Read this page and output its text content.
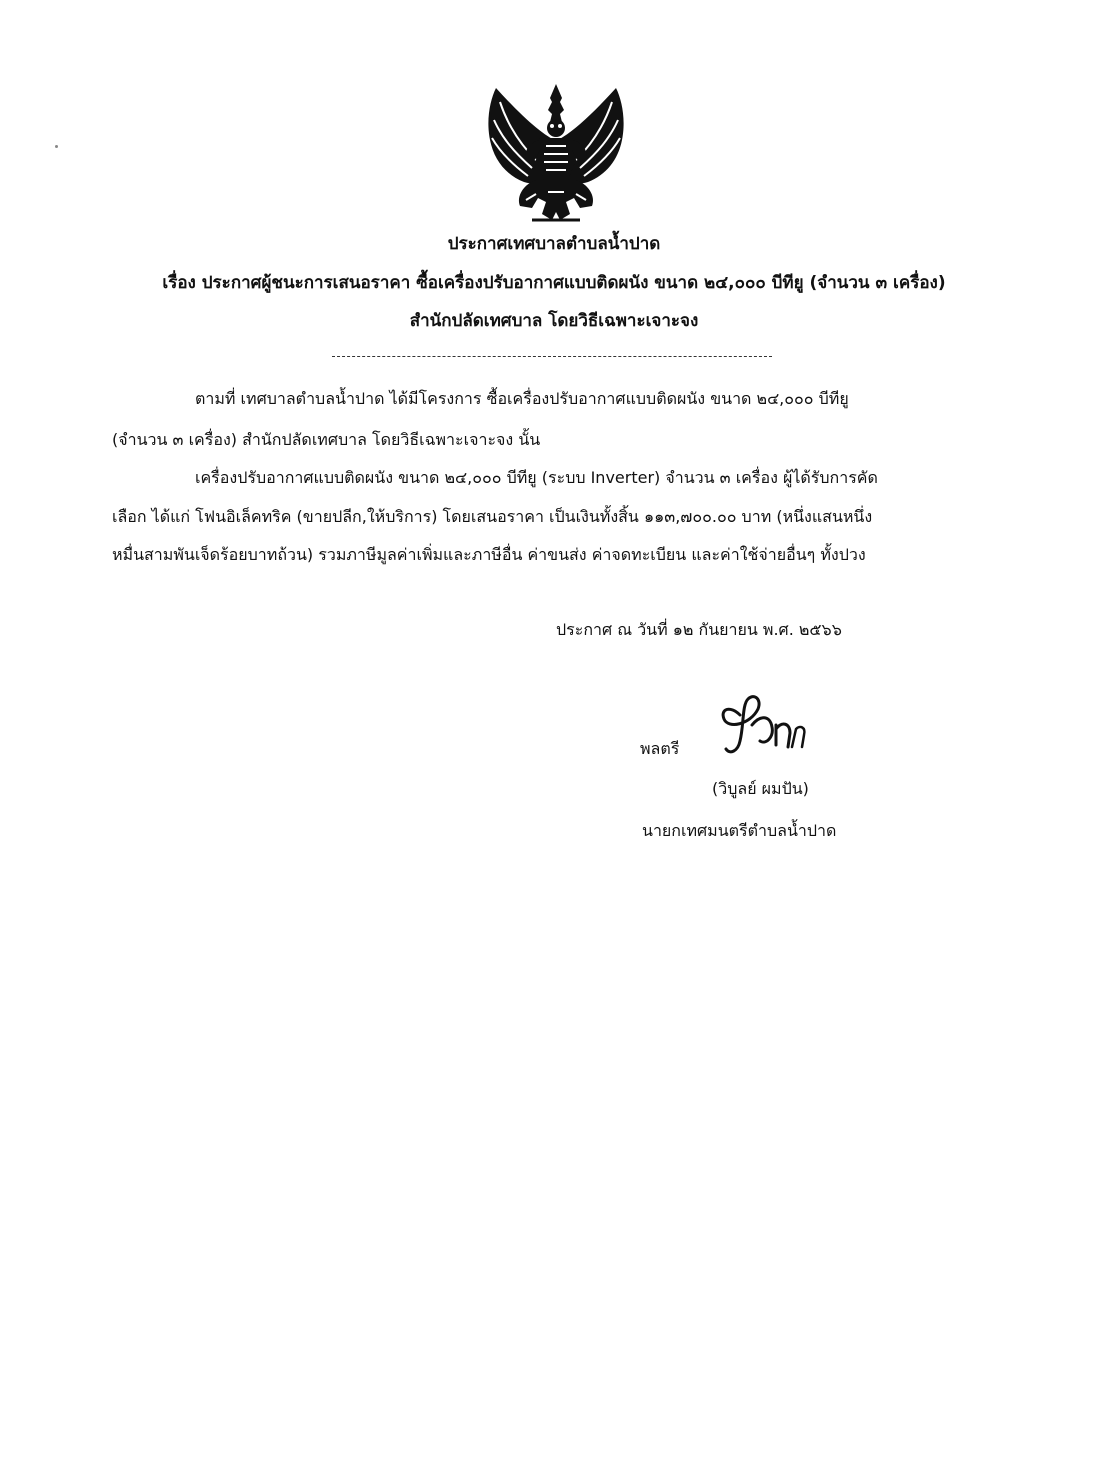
ประกาศเทศบาลตำบลน้ำปาด
เรื่อง ประกาศผู้ชนะการเสนอราคา ซื้อเครื่องปรับอากาศแบบติดผนัง ขนาด ๒๔,๐๐๐ บีทียู (จำนวน ๓ เครื่อง)
สำนักปลัดเทศบาล โดยวิธีเฉพาะเจาะจง
ตามที่ เทศบาลตำบลน้ำปาด ได้มีโครงการ ซื้อเครื่องปรับอากาศแบบติดผนัง ขนาด ๒๔,๐๐๐ บีทียู
(จำนวน ๓ เครื่อง) สำนักปลัดเทศบาล โดยวิธีเฉพาะเจาะจง นั้น
เครื่องปรับอากาศแบบติดผนัง ขนาด ๒๔,๐๐๐ บีทียู (ระบบ Inverter) จำนวน ๓ เครื่อง ผู้ได้รับการคัด
เลือก ได้แก่ โฟนอิเล็คทริค (ขายปลีก,ให้บริการ) โดยเสนอราคา เป็นเงินทั้งสิ้น ๑๑๓,๗๐๐.๐๐ บาท (หนึ่งแสนหนึ่ง
หมื่นสามพันเจ็ดร้อยบาทถ้วน) รวมภาษีมูลค่าเพิ่มและภาษีอื่น ค่าขนส่ง ค่าจดทะเบียน และค่าใช้จ่ายอื่นๆ ทั้งปวง
ประกาศ ณ วันที่ ๑๒ กันยายน พ.ศ. ๒๕๖๖
พลตรี
(วิบูลย์ ผมปัน)
นายกเทศมนตรีตำบลน้ำปาด
